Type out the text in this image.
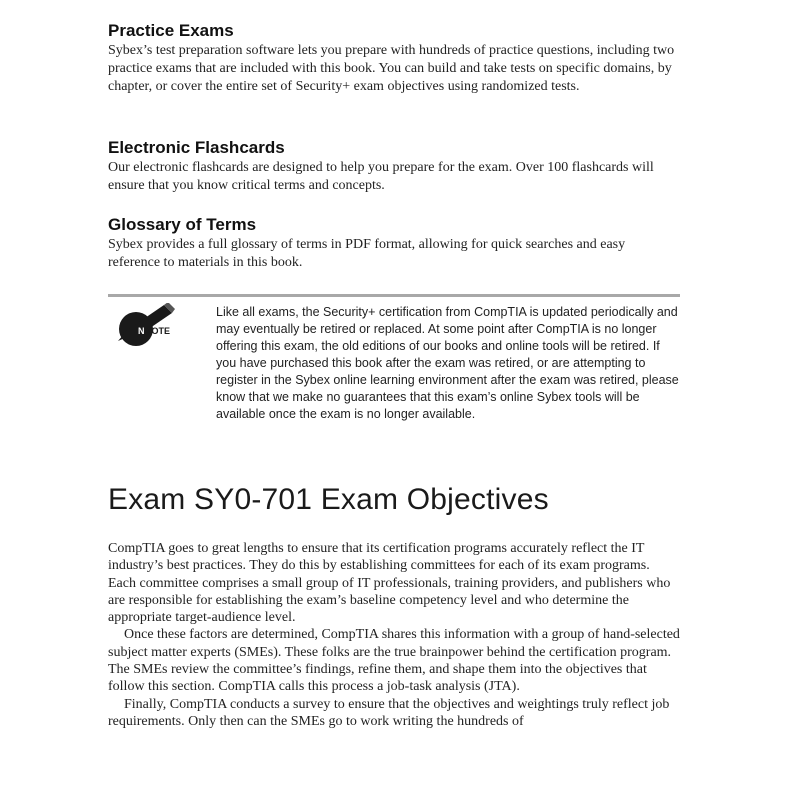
Practice Exams

Sybex’s test preparation software lets you prepare with hundreds of practice questions, including two practice exams that are included with this book. You can build and take tests on specific domains, by chapter, or cover the entire set of Security+ exam objectives using randomized tests.

Electronic Flashcards

Our electronic flashcards are designed to help you prepare for the exam. Over 100 flashcards will ensure that you know critical terms and concepts.

Glossary of Terms

Sybex provides a full glossary of terms in PDF format, allowing for quick searches and easy reference to materials in this book.

NOTE
N

Like all exams, the Security+ certification from CompTIA is updated periodically and may eventually be retired or replaced. At some point after CompTIA is no longer offering this exam, the old editions of our books and online tools will be retired. If you have purchased this book after the exam was retired, or are attempting to register in the Sybex online learning environment after the exam was retired, please know that we make no guarantees that this exam’s online Sybex tools will be available once the exam is no longer available.

Exam SY0-701 Exam Objectives

CompTIA goes to great lengths to ensure that its certification programs accurately reflect the IT industry’s best practices. They do this by establishing committees for each of its exam programs. Each committee comprises a small group of IT professionals, training providers, and publishers who are responsible for establishing the exam’s baseline competency level and who determine the appropriate target-audience level.

Once these factors are determined, CompTIA shares this information with a group of hand-selected subject matter experts (SMEs). These folks are the true brainpower behind the certification program. The SMEs review the committee’s findings, refine them, and shape them into the objectives that follow this section. CompTIA calls this process a job-task analysis (JTA).

Finally, CompTIA conducts a survey to ensure that the objectives and weightings truly reflect job requirements. Only then can the SMEs go to work writing the hundreds of
